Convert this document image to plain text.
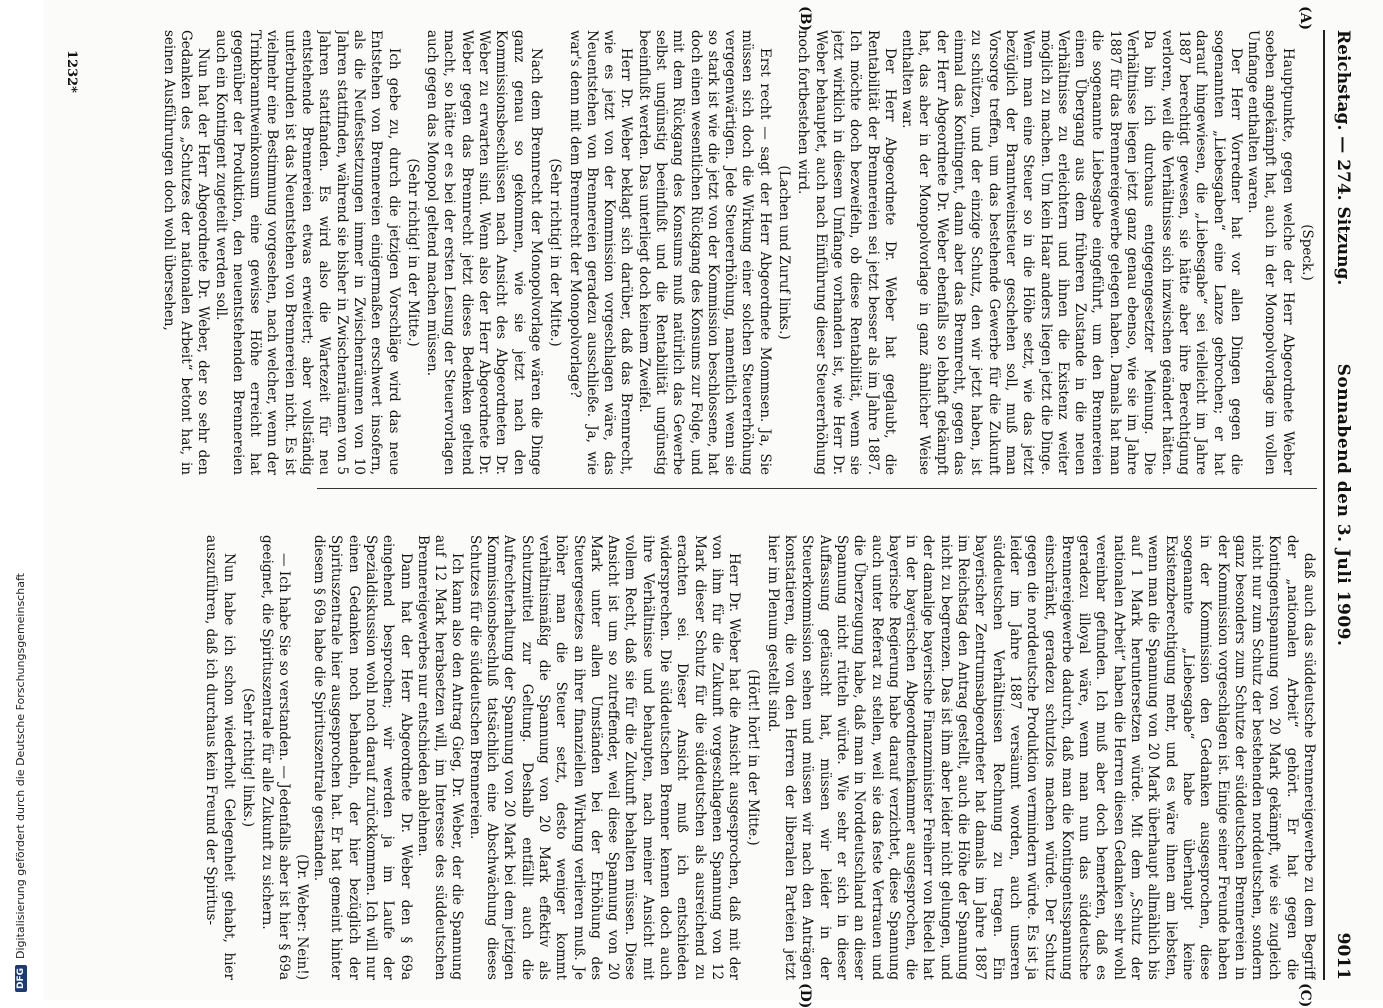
Reichstag. — 274. Sitzung.
Sonnabend den 3. Juli 1909.
9011
(A)
(B)
(C)
(D)

(Speck.)

Hauptpunkte, gegen welche der Herr Abgeordnete Weber soeben angekämpft hat, auch in der Monopolvorlage im vollen Umfange enthalten waren.

Der Herr Vorredner hat vor allen Dingen gegen die sogenannten „Liebesgaben“ eine Lanze gebrochen; er hat darauf hingewiesen, die „Liebesgabe“ sei vielleicht im Jahre 1887 berechtigt gewesen, sie hätte aber ihre Berechtigung verloren, weil die Verhältnisse sich inzwischen geändert hätten. Da bin ich durchaus entgegengesetzter Meinung. Die Verhältnisse liegen jetzt ganz genau ebenso, wie sie im Jahre 1887 für das Brennereigewerbe gelegen haben. Damals hat man die sogenannte Liebesgabe eingeführt, um den Brennereien einen Übergang aus dem früheren Zustande in die neuen Verhältnisse zu erleichtern und ihnen die Existenz weiter möglich zu machen. Um kein Haar anders liegen jetzt die Dinge. Wenn man eine Steuer so in die Höhe setzt, wie das jetzt bezüglich der Branntweinsteuer geschehen soll, muß man Vorsorge treffen, um das bestehende Gewerbe für die Zukunft zu schützen, und der einzige Schutz, den wir jetzt haben, ist einmal das Kontingent, dann aber das Brennrecht, gegen das der Herr Abgeordnete Dr. Weber ebenfalls so lebhaft gekämpft hat, das aber in der Monopolvorlage in ganz ähnlicher Weise enthalten war.

Der Herr Abgeordnete Dr. Weber hat geglaubt, die Rentabilität der Brennereien sei jetzt besser als im Jahre 1887. Ich möchte doch bezweifeln, ob diese Rentabilität, wenn sie jetzt wirklich in diesem Umfange vorhanden ist, wie Herr Dr. Weber behauptet, auch nach Einführung dieser Steuererhöhung noch fortbestehen wird.

(Lachen und Zuruf links.)

Erst recht — sagt der Herr Abgeordnete Mommsen. Ja, Sie müssen sich doch die Wirkung einer solchen Steuererhöhung vergegenwärtigen. Jede Steuererhöhung, namentlich wenn sie so stark ist wie die jetzt von der Kommission beschlossene, hat doch einen wesentlichen Rückgang des Konsums zur Folge, und mit dem Rückgang des Konsums muß natürlich das Gewerbe selbst ungünstig beeinflußt und die Rentabilität ungünstig beeinflußt werden. Das unterliegt doch keinem Zweifel.

Herr Dr. Weber beklagt sich darüber, daß das Brennrecht, wie es jetzt von der Kommission vorgeschlagen wäre, das Neuentstehen von Brennereien geradezu ausschließe. Ja, wie war's denn mit dem Brennrecht der Monopolvorlage?

(Sehr richtig! in der Mitte.)

Nach dem Brennrecht der Monopolvorlage wären die Dinge ganz genau so gekommen, wie sie jetzt nach den Kommissionsbeschlüssen nach Ansicht des Abgeordneten Dr. Weber zu erwarten sind. Wenn also der Herr Abgeordnete Dr. Weber gegen das Brennrecht jetzt dieses Bedenken geltend macht, so hätte er es bei der ersten Lesung der Steuervorlagen auch gegen das Monopol geltend machen müssen.

(Sehr richtig! in der Mitte.)

Ich gebe zu, durch die jetzigen Vorschläge wird das neue Entstehen von Brennereien einigermaßen erschwert insofern, als die Neufestsetzungen immer in Zwischenräumen von 10 Jahren stattfinden, während sie bisher in Zwischenräumen von 5 Jahren stattfanden. Es wird also die Wartezeit für neu entstehende Brennereien etwas erweitert; aber vollständig unterbunden ist das Neuentstehen von Brennereien nicht. Es ist vielmehr eine Bestimmung vorgesehen, nach welcher, wenn der Trinkbranntweinkonsum eine gewisse Höhe erreicht hat gegenüber der Produktion, den neuentstehenden Brennereien auch ein Kontingent zugeteilt werden soll.

Nun hat der Herr Abgeordnete Dr. Weber, der so sehr den Gedanken des „Schutzes der nationalen Arbeit“ betont hat, in seinen Ausführungen doch wohl übersehen,

daß auch das süddeutsche Brennereigewerbe zu dem Begriff der „nationalen Arbeit“ gehört. Er hat gegen die Kontingentspannung von 20 Mark gekämpft, wie sie zugleich nicht nur zum Schutz der bestehenden norddeutschen, sondern ganz besonders zum Schutze der süddeutschen Brennereien in der Kommission vorgeschlagen ist. Einige seiner Freunde haben in der Kommission den Gedanken ausgesprochen, diese sogenannte „Liebesgabe“ habe überhaupt keine Existenzberechtigung mehr, und es wäre ihnen am liebsten, wenn man die Spannung von 20 Mark überhaupt allmählich bis auf 1 Mark heruntersetzen würde. Mit dem „Schutz der nationalen Arbeit“ haben die Herren diesen Gedanken sehr wohl vereinbar gefunden. Ich muß aber doch bemerken, daß es geradezu illoyal wäre, wenn man nun das süddeutsche Brennereigewerbe dadurch, daß man die Kontingentsspannung einschränkt, geradezu schutzlos machen würde. Der Schutz gegen die norddeutsche Produktion vermindern würde. Es ist ja leider im Jahre 1887 versäumt worden, auch unseren süddeutschen Verhältnissen Rechnung zu tragen. Ein bayerischer Zentrumsabgeordneter hat damals im Jahre 1887 im Reichstag den Antrag gestellt, auch die Höhe der Spannung nicht zu begrenzen. Das ist ihm aber leider nicht gelungen, und der damalige bayerische Finanzminister Freiherr von Riedel hat in der bayerischen Abgeordnetenkammer ausgesprochen, die bayerische Regierung habe darauf verzichtet, diese Spannung auch unter Referat zu stellen, weil sie das feste Vertrauen und die Überzeugung habe, daß man in Norddeutschland an dieser Spannung nicht rütteln würde. Wie sehr er sich in dieser Auffassung getäuscht hat, müssen wir leider in der Steuerkommission sehen und müssen wir nach den Anträgen konstatieren, die von den Herren der liberalen Parteien jetzt hier im Plenum gestellt sind.

(Hört! hört! in der Mitte.)

Herr Dr. Weber hat die Ansicht ausgesprochen, daß mit der von ihm für die Zukunft vorgeschlagenen Spannung von 12 Mark dieser Schutz für die süddeutschen als ausreichend zu erachten sei. Dieser Ansicht muß ich entschieden widersprechen. Die süddeutschen Brenner kennen doch auch ihre Verhältnisse und behaupten, nach meiner Ansicht mit vollem Recht, daß sie für die Zukunft behalten müssen. Diese Ansicht ist um so zutreffender, weil diese Spannung von 20 Mark unter allen Umständen bei der Erhöhung des Steuergesetzes an ihrer finanziellen Wirkung verlieren muß. Je höher man die Steuer setzt, desto weniger kommt verhältnismäßig die Spannung von 20 Mark effektiv als Schutzmittel zur Geltung. Deshalb entfällt auch die Aufrechterhaltung der Spannung von 20 Mark bei dem jetzigen Kommissionsbeschluß tatsächlich eine Abschwächung dieses Schutzes für die süddeutschen Brennereien.

Ich kann also den Antrag Gieg, Dr. Weber, der die Spannung auf 12 Mark herabsetzen will, im Interesse des süddeutschen Brennereigewerbes nur entschieden ablehnen.

Dann hat der Herr Abgeordnete Dr. Weber den § 69a eingehend besprochen; wir werden ja im Laufe der Spezialdiskussion wohl noch darauf zurückkommen. Ich will nur einen Gedanken noch behandeln, der hier bezüglich der Spirituszentrale hier ausgesprochen hat. Er hat gemeint hinter diesem § 69a habe die Spirituszentrale gestanden.

(Dr. Weber: Nein!)

— Ich habe Sie so verstanden. — Jedenfalls aber ist hier § 69a geeignet, die Spirituszentrale für alle Zukunft zu sichern.

(Sehr richtig! links.)

Nun habe ich schon wiederholt Gelegenheit gehabt, hier auszuführen, daß ich durchaus kein Freund der Spiritus-

1232*
DFGDigitalisierung gefördert durch die Deutsche Forschungsgemeinschaft
